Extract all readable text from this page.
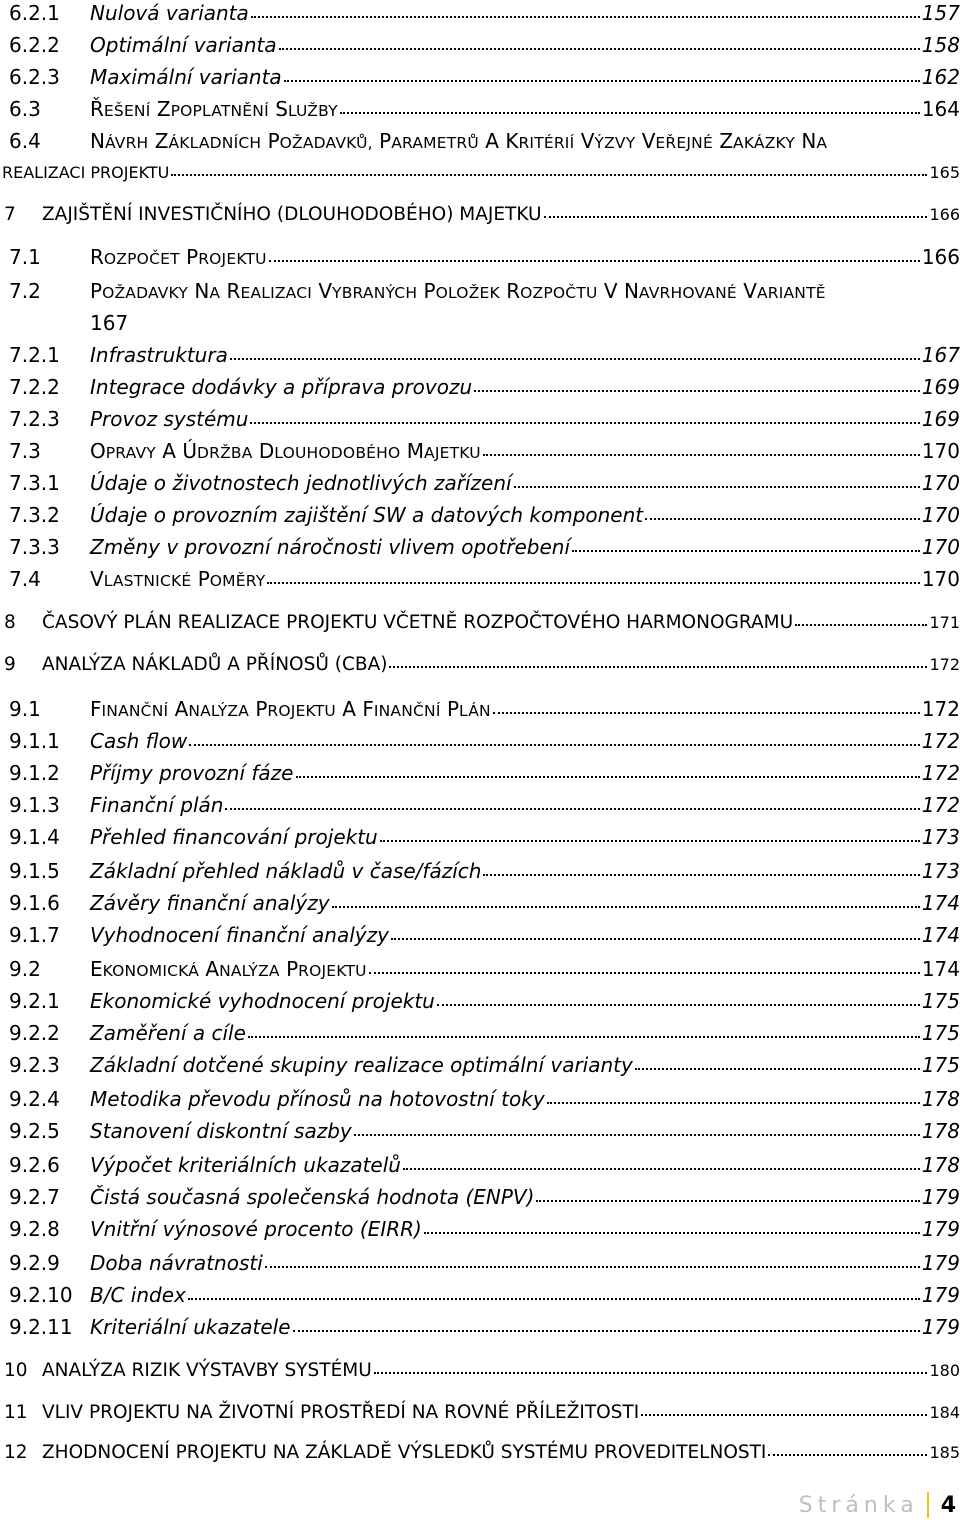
6.2.1	Nulová varianta	157
6.2.2	Optimální varianta	158
6.2.3	Maximální varianta	162
6.3	ŘEŠENÍ ZPOPLATNĚNÍ SLUŽBY	164
6.4	NÁVRH ZÁKLADNÍCH POŽADAVKŮ, PARAMETRŮ A KRITÉRIÍ VÝZVY VEŘEJNÉ ZAKÁZKY NA
REALIZACI PROJEKTU	165
7	ZAJIŠTĚNÍ INVESTIČNÍHO (DLOUHODOBÉHO) MAJETKU	166
7.1	ROZPOČET PROJEKTU	166
7.2	POŽADAVKY NA REALIZACI VYBRANÝCH POLOŽEK ROZPOČTU V NAVRHOVANÉ VARIANTĚ
167
7.2.1	Infrastruktura	167
7.2.2	Integrace dodávky a příprava provozu	169
7.2.3	Provoz systému	169
7.3	OPRAVY A ÚDRŽBA DLOUHODOBÉHO MAJETKU	170
7.3.1	Údaje o životnostech jednotlivých zařízení	170
7.3.2	Údaje o provozním zajištění SW a datových komponent	170
7.3.3	Změny v provozní náročnosti vlivem opotřebení	170
7.4	VLASTNICKÉ POMĚRY	170
8	ČASOVÝ PLÁN REALIZACE PROJEKTU VČETNĚ ROZPOČTOVÉHO HARMONOGRAMU	171
9	ANALÝZA NÁKLADŮ A PŘÍNOSŮ (CBA)	172
9.1	FINANČNÍ ANALÝZA PROJEKTU A FINANČNÍ PLÁN	172
9.1.1	Cash flow	172
9.1.2	Příjmy provozní fáze	172
9.1.3	Finanční plán	172
9.1.4	Přehled financování projektu	173
9.1.5	Základní přehled nákladů v čase/fázích	173
9.1.6	Závěry finanční analýzy	174
9.1.7	Vyhodnocení finanční analýzy	174
9.2	EKONOMICKÁ ANALÝZA PROJEKTU	174
9.2.1	Ekonomické vyhodnocení projektu	175
9.2.2	Zaměření a cíle	175
9.2.3	Základní dotčené skupiny realizace optimální varianty	175
9.2.4	Metodika převodu přínosů na hotovostní toky	178
9.2.5	Stanovení diskontní sazby	178
9.2.6	Výpočet kriteriálních ukazatelů	178
9.2.7	Čistá současná společenská hodnota (ENPV)	179
9.2.8	Vnitřní výnosové procento (EIRR)	179
9.2.9	Doba návratnosti	179
9.2.10 B/C index	179
9.2.11 Kriteriální ukazatele	179
10 ANALÝZA RIZIK VÝSTAVBY SYSTÉMU	180
11 VLIV PROJEKTU NA ŽIVOTNÍ PROSTŘEDÍ NA ROVNÉ PŘÍLEŽITOSTI	184
12 ZHODNOCENÍ PROJEKTU NA ZÁKLADĚ VÝSLEDKŮ SYSTÉMU PROVEDITELNOSTI	185
Stránka 4
